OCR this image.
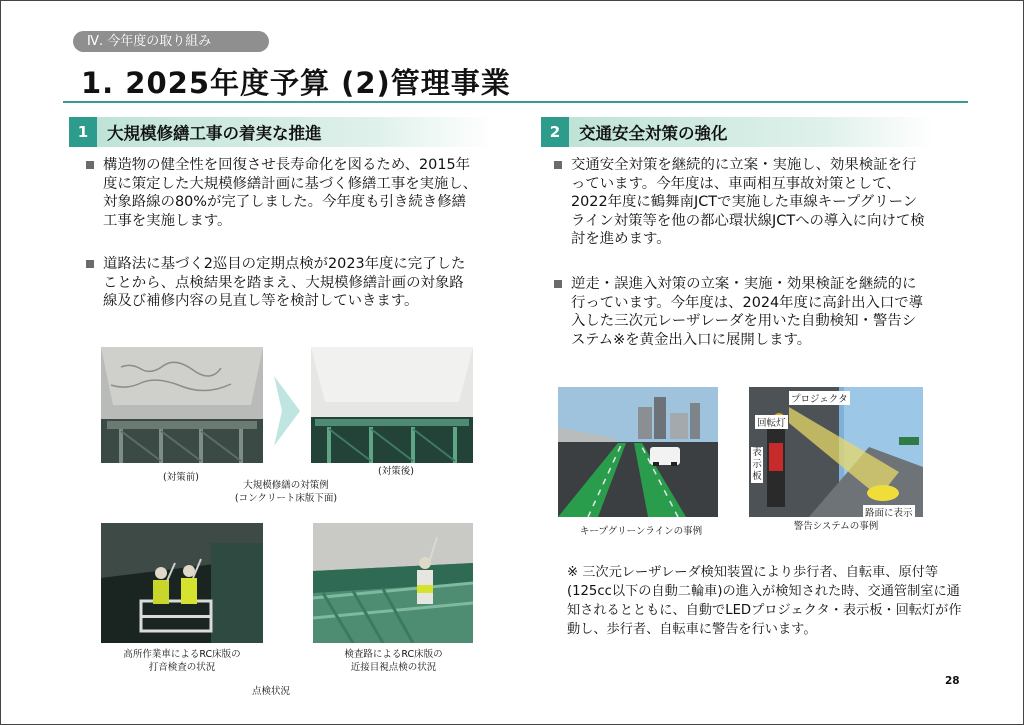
Ⅳ. 今年度の取り組み
1. 2025年度予算 (2)管理事業
1	大規模修繕工事の着実な推進
構造物の健全性を回復させ長寿命化を図るため、2015年度に策定した大規模修繕計画に基づく修繕工事を実施し、対象路線の80%が完了しました。今年度も引き続き修繕工事を実施します。
道路法に基づく2巡目の定期点検が2023年度に完了したことから、点検結果を踏まえ、大規模修繕計画の対象路線及び補修内容の見直し等を検討していきます。
(対策前)
(対策後)
大規模修繕の対策例
(コンクリート床版下面)
高所作業車によるRC床版の
打音検査の状況
検査路によるRC床版の
近接目視点検の状況
点検状況
2	交通安全対策の強化
交通安全対策を継続的に立案・実施し、効果検証を行っています。今年度は、車両相互事故対策として、2022年度に鶴舞南JCTで実施した車線キープグリーンライン対策等を他の都心環状線JCTへの導入に向けて検討を進めます。
逆走・誤進入対策の立案・実施・効果検証を継続的に行っています。今年度は、2024年度に高針出入口で導入した三次元レーザレーダを用いた自動検知・警告システム※を黄金出入口に展開します。
プロジェクタ
回転灯
表示板
路面に表示
キープグリーンラインの事例	警告システムの事例
※ 三次元レーザレーダ検知装置により歩行者、自転車、原付等(125cc以下の自動二輪車)の進入が検知された時、交通管制室に通知されるとともに、自動でLEDプロジェクタ・表示板・回転灯が作動し、歩行者、自転車に警告を行います。
28
